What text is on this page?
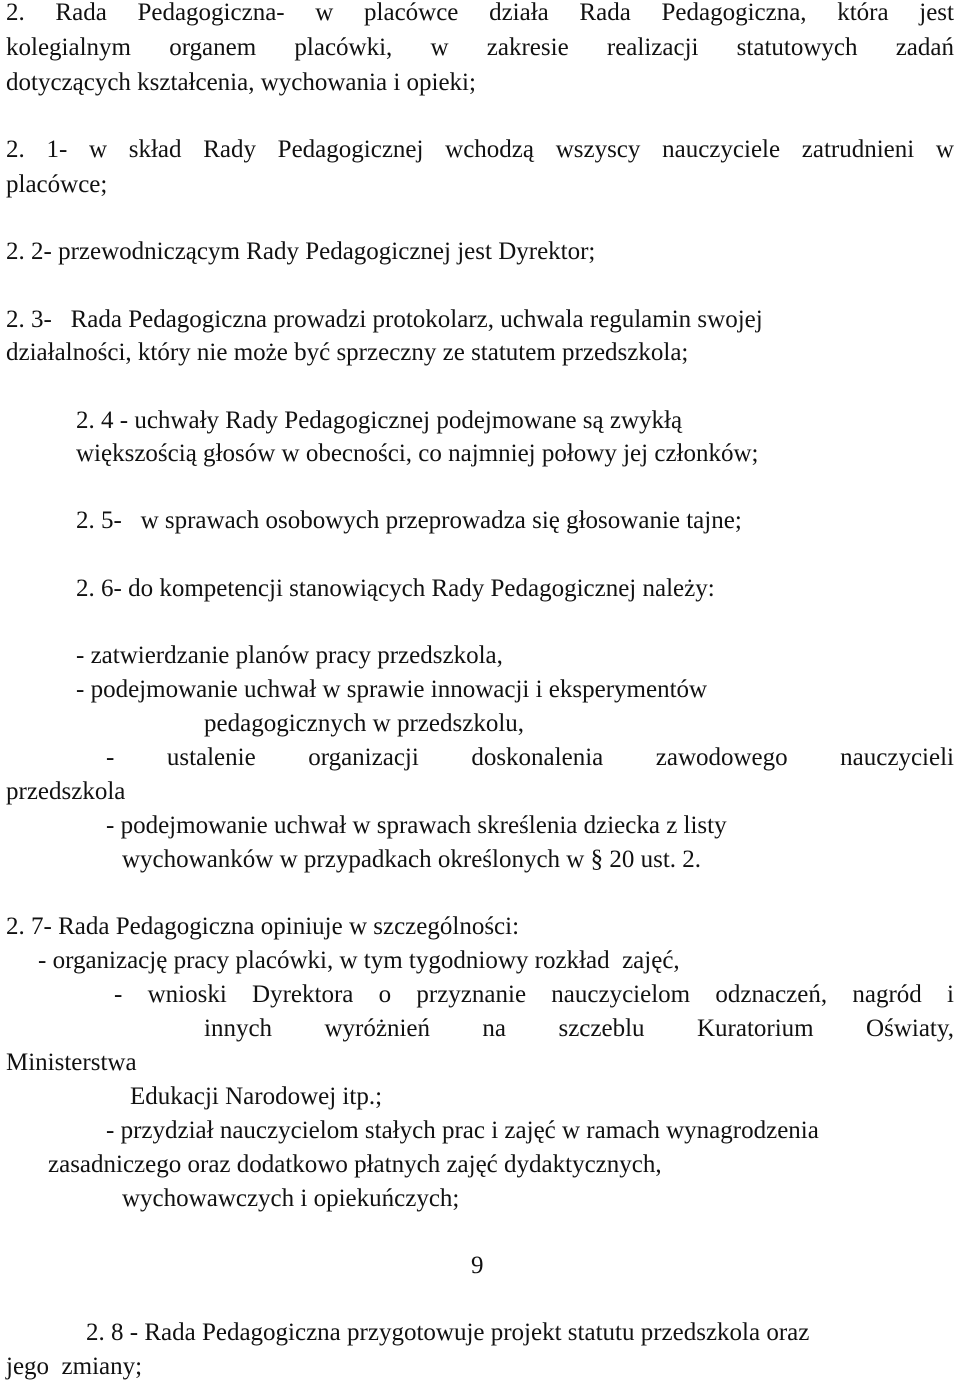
2. Rada Pedagogiczna- w placówce działa Rada Pedagogiczna, która jest

kolegialnym organem placówki, w zakresie realizacji statutowych zadań

dotyczących kształcenia, wychowania i opieki;

2. 1- w skład Rady Pedagogicznej wchodzą wszyscy nauczyciele zatrudnieni w

placówce;

2. 2- przewodniczącym Rady Pedagogicznej jest Dyrektor;

2. 3-   Rada Pedagogiczna prowadzi protokolarz, uchwala regulamin swojej

działalności, który nie może być sprzeczny ze statutem przedszkola;

2. 4 - uchwały Rady Pedagogicznej podejmowane są zwykłą

większością głosów w obecności, co najmniej połowy jej członków;

2. 5-   w sprawach osobowych przeprowadza się głosowanie tajne;

2. 6- do kompetencji stanowiących Rady Pedagogicznej należy:

- zatwierdzanie planów pracy przedszkola,

- podejmowanie uchwał w sprawie innowacji i eksperymentów

pedagogicznych w przedszkolu,

- ustalenie organizacji doskonalenia zawodowego nauczycieli

przedszkola

- podejmowanie uchwał w sprawach skreślenia dziecka z listy

wychowanków w przypadkach określonych w § 20 ust. 2.

2. 7- Rada Pedagogiczna opiniuje w szczególności:

- organizację pracy placówki, w tym tygodniowy rozkład  zajęć,

- wnioski Dyrektora o przyznanie nauczycielom odznaczeń, nagród i

innych wyróżnień na szczeblu Kuratorium Oświaty,

Ministerstwa

Edukacji Narodowej itp.;

- przydział nauczycielom stałych prac i zajęć w ramach wynagrodzenia

zasadniczego oraz dodatkowo płatnych zajęć dydaktycznych,

wychowawczych i opiekuńczych;

9

2. 8 - Rada Pedagogiczna przygotowuje projekt statutu przedszkola oraz

jego  zmiany;
